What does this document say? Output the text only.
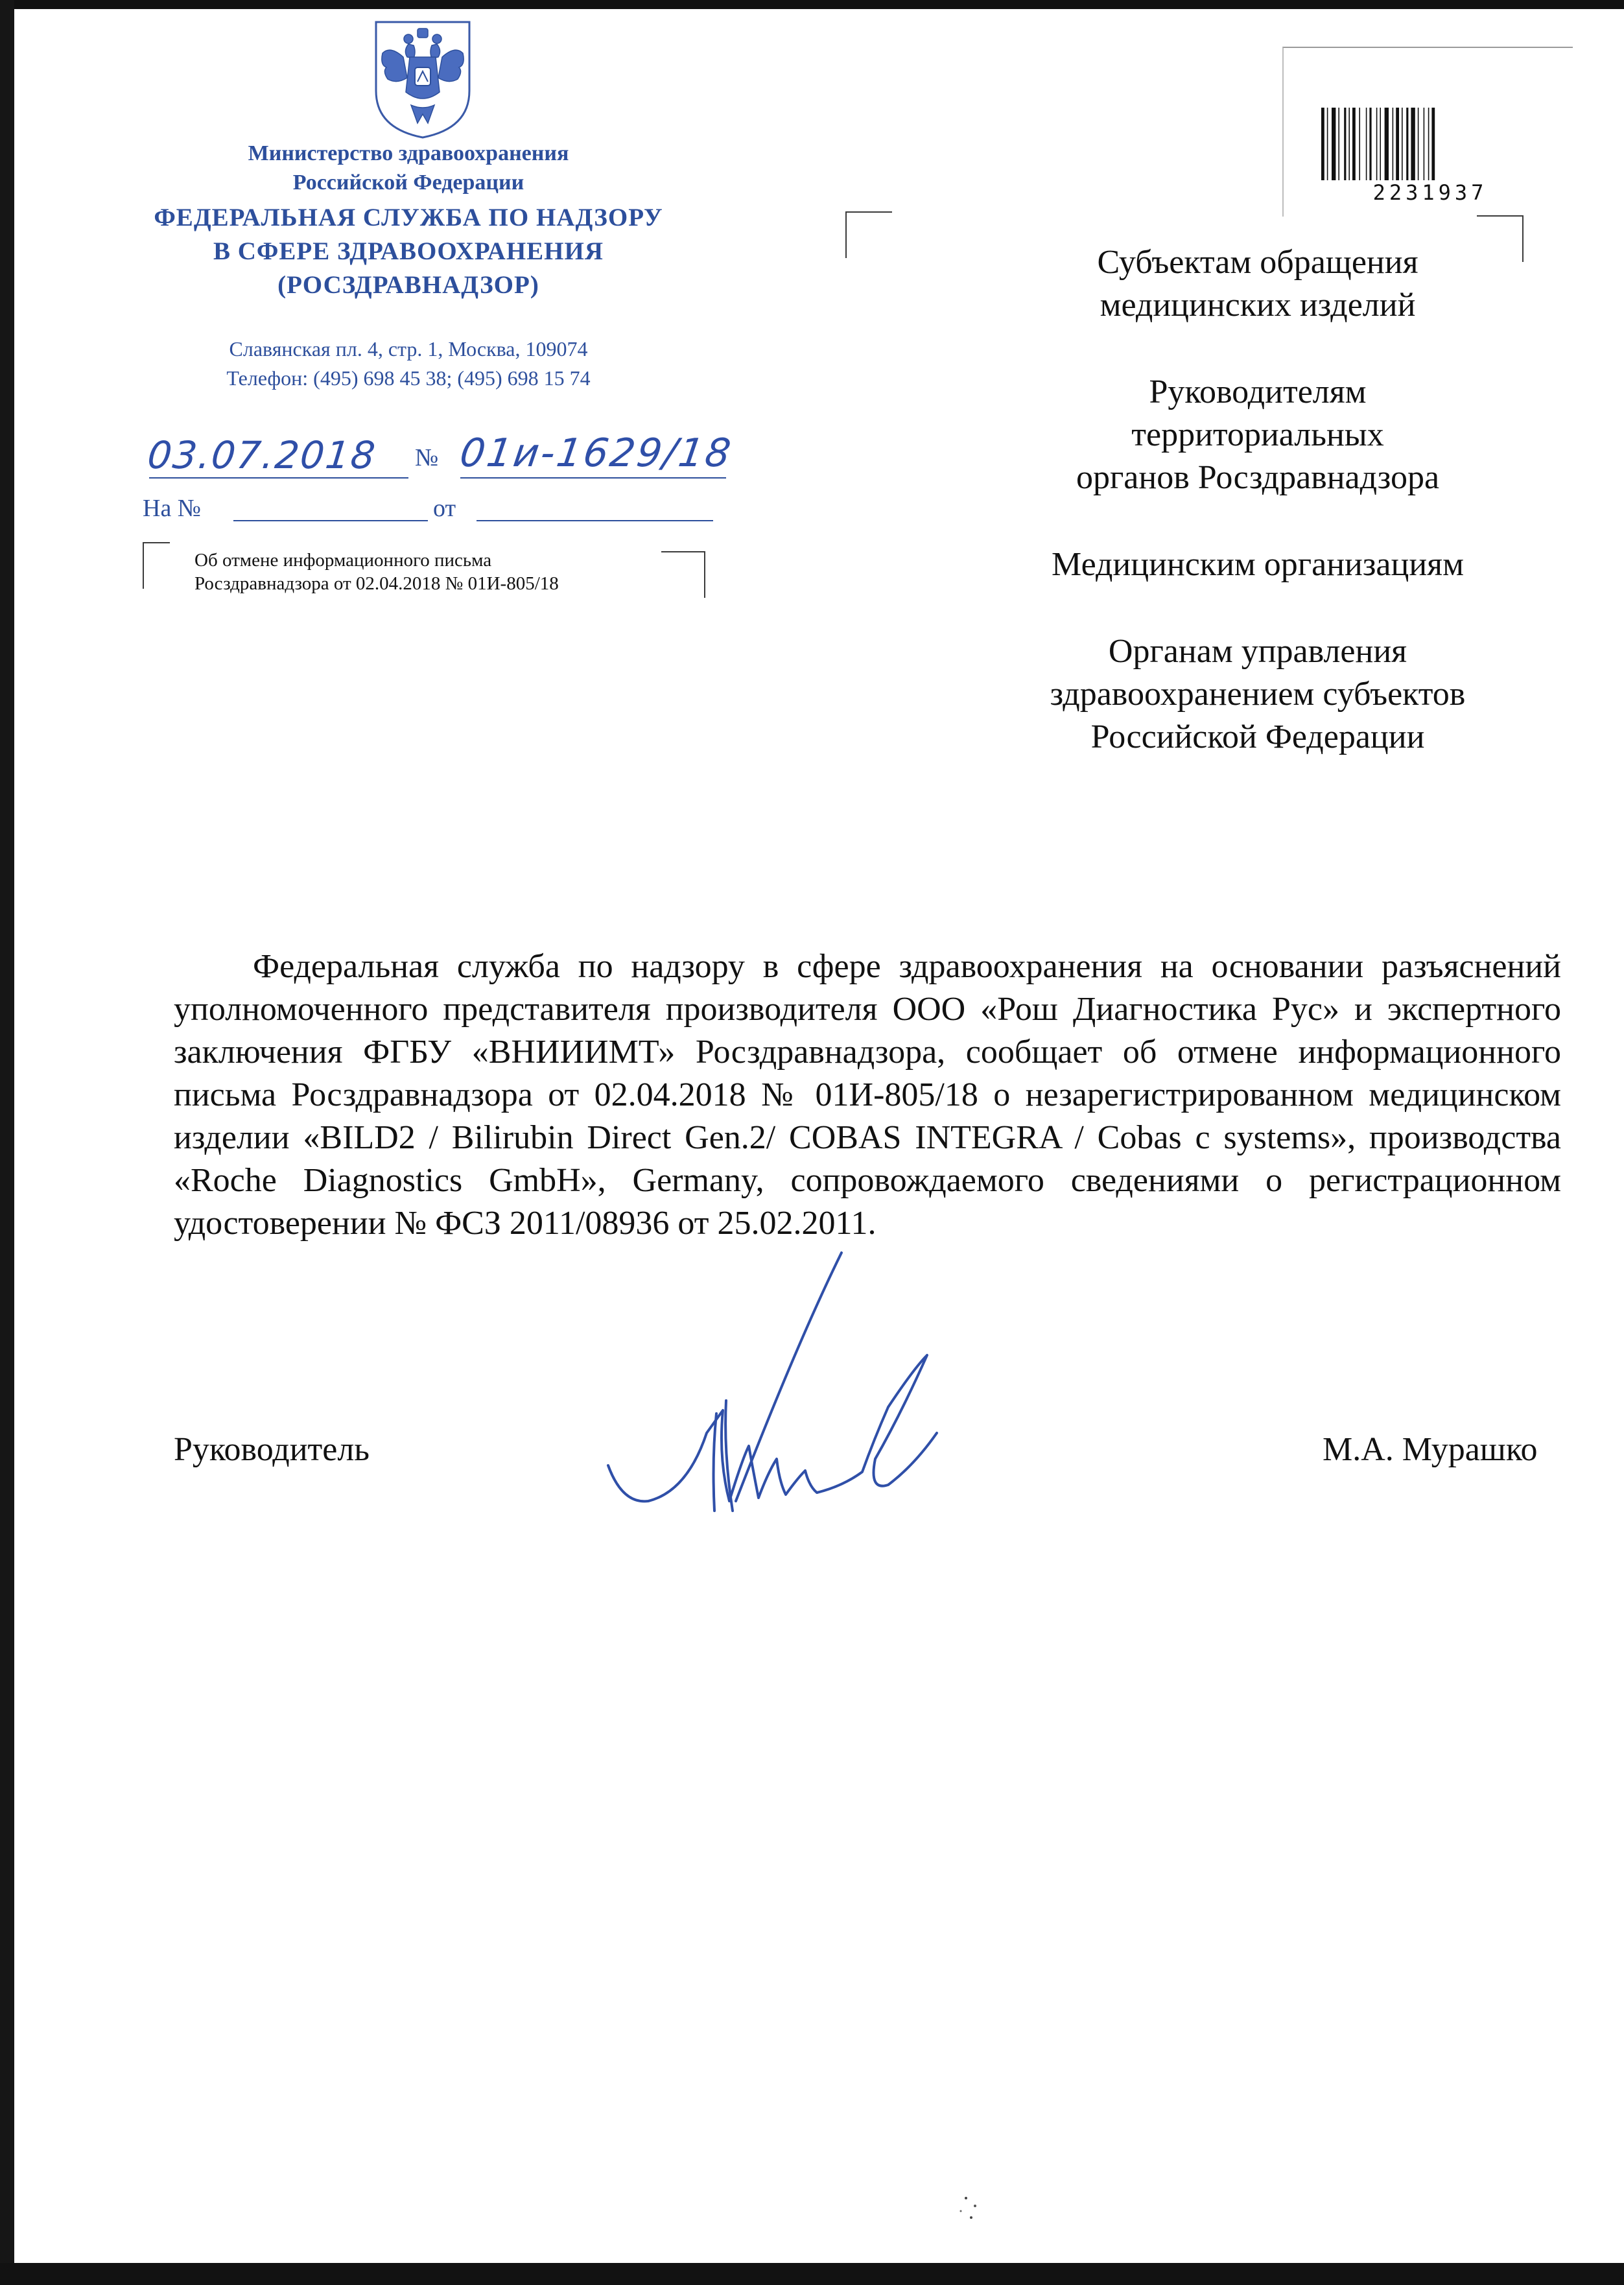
Министерство здравоохранения
Российской Федерации
ФЕДЕРАЛЬНАЯ СЛУЖБА ПО НАДЗОРУ
В СФЕРЕ ЗДРАВООХРАНЕНИЯ
(РОСЗДРАВНАДЗОР)
Славянская пл. 4, стр. 1, Москва, 109074
Телефон: (495) 698 45 38; (495) 698 15 74
03.07.2018 № 01и-1629/18
На №	от
Об отмене информационного письма
Росздравнадзора от 02.04.2018 № 01И-805/18
2231937
Субъектам обращения
медицинских изделий
Руководителям
территориальных
органов Росздравнадзора
Медицинским организациям
Органам управления
здравоохранением субъектов
Российской Федерации
Федеральная служба по надзору в сфере здравоохранения на основании разъяснений уполномоченного представителя производителя ООО «Рош Диагностика Рус» и экспертного заключения ФГБУ «ВНИИИМТ» Росздравнадзора, сообщает об отмене информационного письма Росздравнадзора от 02.04.2018 № 01И-805/18 о незарегистрированном медицинском изделии «BILD2 / Bilirubin Direct Gen.2/ COBAS INTEGRA / Cobas c systems», производства «Roche Diagnostics GmbH», Germany, сопровождаемого сведениями о регистрационном удостоверении № ФСЗ 2011/08936 от 25.02.2011.
Руководитель	М.А. Мурашко
